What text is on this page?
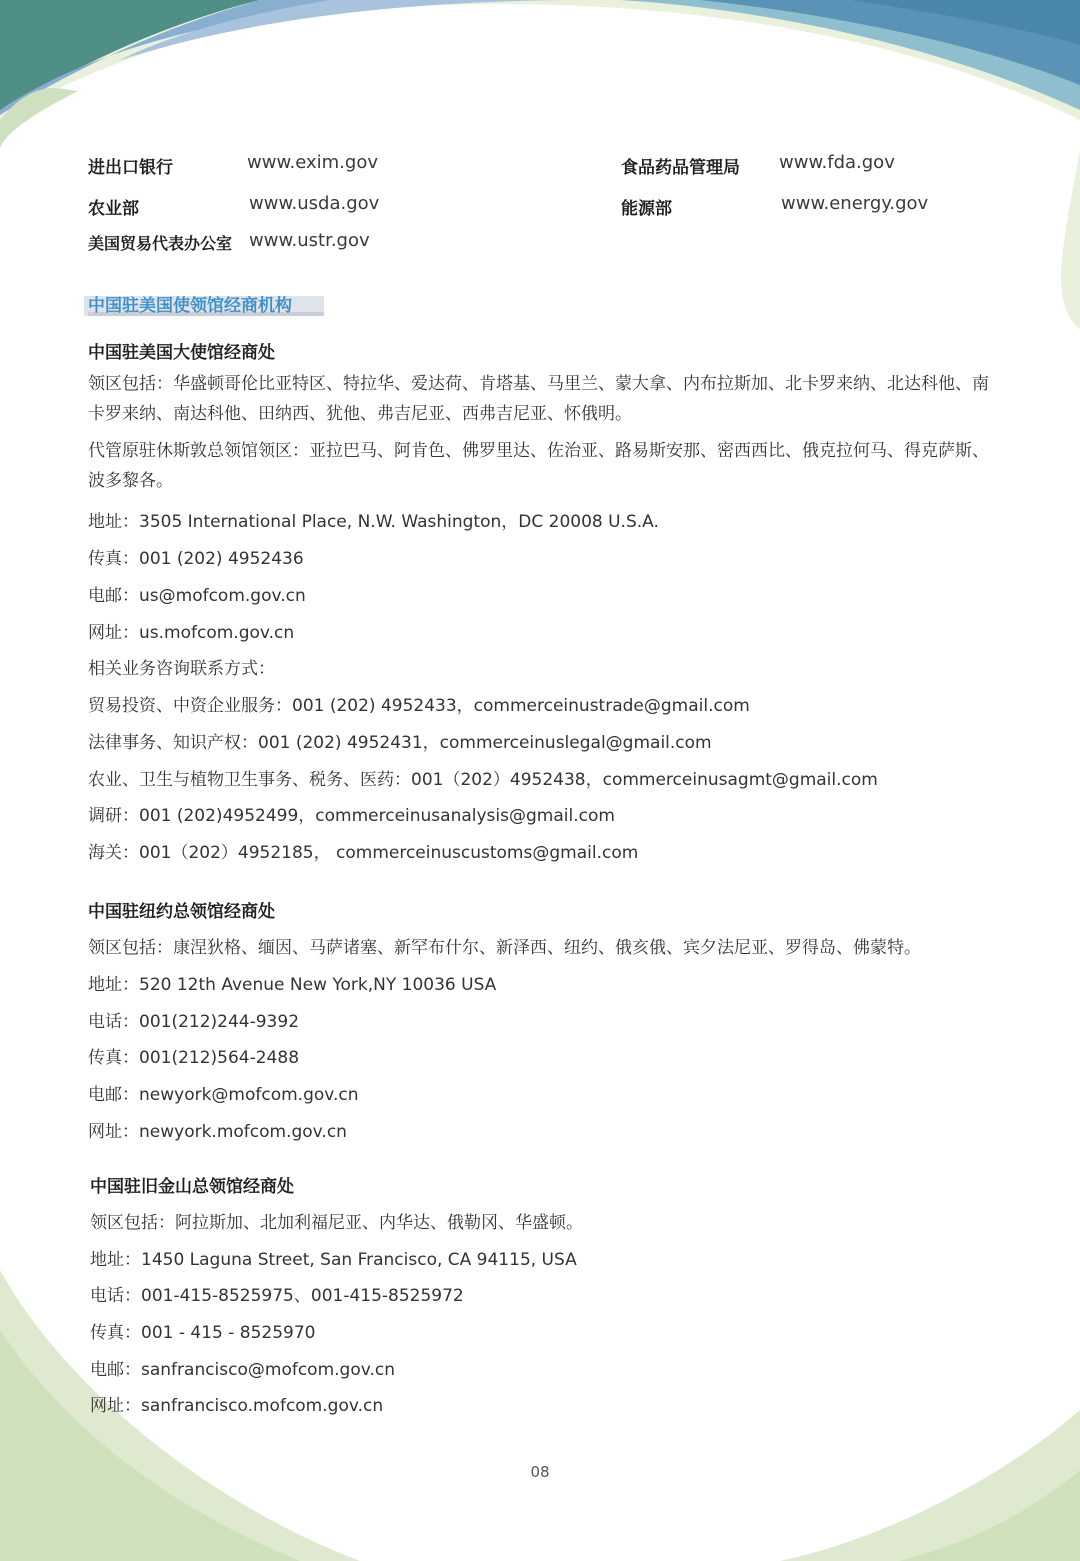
进出口银行	www.exim.gov	食品药品管理局 www.fda.gov
农业部	www.usda.gov	能源部	www.energy.gov
美国贸易代表办公室 www.ustr.gov
中国驻美国使领馆经商机构
中国驻美国大使馆经商处
领区包括：华盛顿哥伦比亚特区、特拉华、爱达荷、肯塔基、马里兰、蒙大拿、内布拉斯加、北卡罗来纳、北达科他、南卡罗来纳、南达科他、田纳西、犹他、弗吉尼亚、西弗吉尼亚、怀俄明。
代管原驻休斯敦总领馆领区：亚拉巴马、阿肯色、佛罗里达、佐治亚、路易斯安那、密西西比、俄克拉何马、得克萨斯、波多黎各。
地址：3505 International Place, N.W. Washington，DC 20008 U.S.A.
传真：001 (202) 4952436
电邮：us@mofcom.gov.cn
网址：us.mofcom.gov.cn
相关业务咨询联系方式：
贸易投资、中资企业服务：001 (202) 4952433，commerceinustrade@gmail.com
法律事务、知识产权：001 (202) 4952431，commerceinuslegal@gmail.com
农业、卫生与植物卫生事务、税务、医药：001（202）4952438，commerceinusagmt@gmail.com
调研：001 (202)4952499，commerceinusanalysis@gmail.com
海关：001（202）4952185， commerceinuscustoms@gmail.com
中国驻纽约总领馆经商处
领区包括：康涅狄格、缅因、马萨诸塞、新罕布什尔、新泽西、纽约、俄亥俄、宾夕法尼亚、罗得岛、佛蒙特。
地址：520 12th Avenue New York,NY 10036 USA
电话：001(212)244-9392
传真：001(212)564-2488
电邮：newyork@mofcom.gov.cn
网址：newyork.mofcom.gov.cn
中国驻旧金山总领馆经商处
领区包括：阿拉斯加、北加利福尼亚、内华达、俄勒冈、华盛顿。
地址：1450 Laguna Street, San Francisco, CA 94115, USA
电话：001-415-8525975、001-415-8525972
传真：001 - 415 - 8525970
电邮：sanfrancisco@mofcom.gov.cn
网址：sanfrancisco.mofcom.gov.cn
08
